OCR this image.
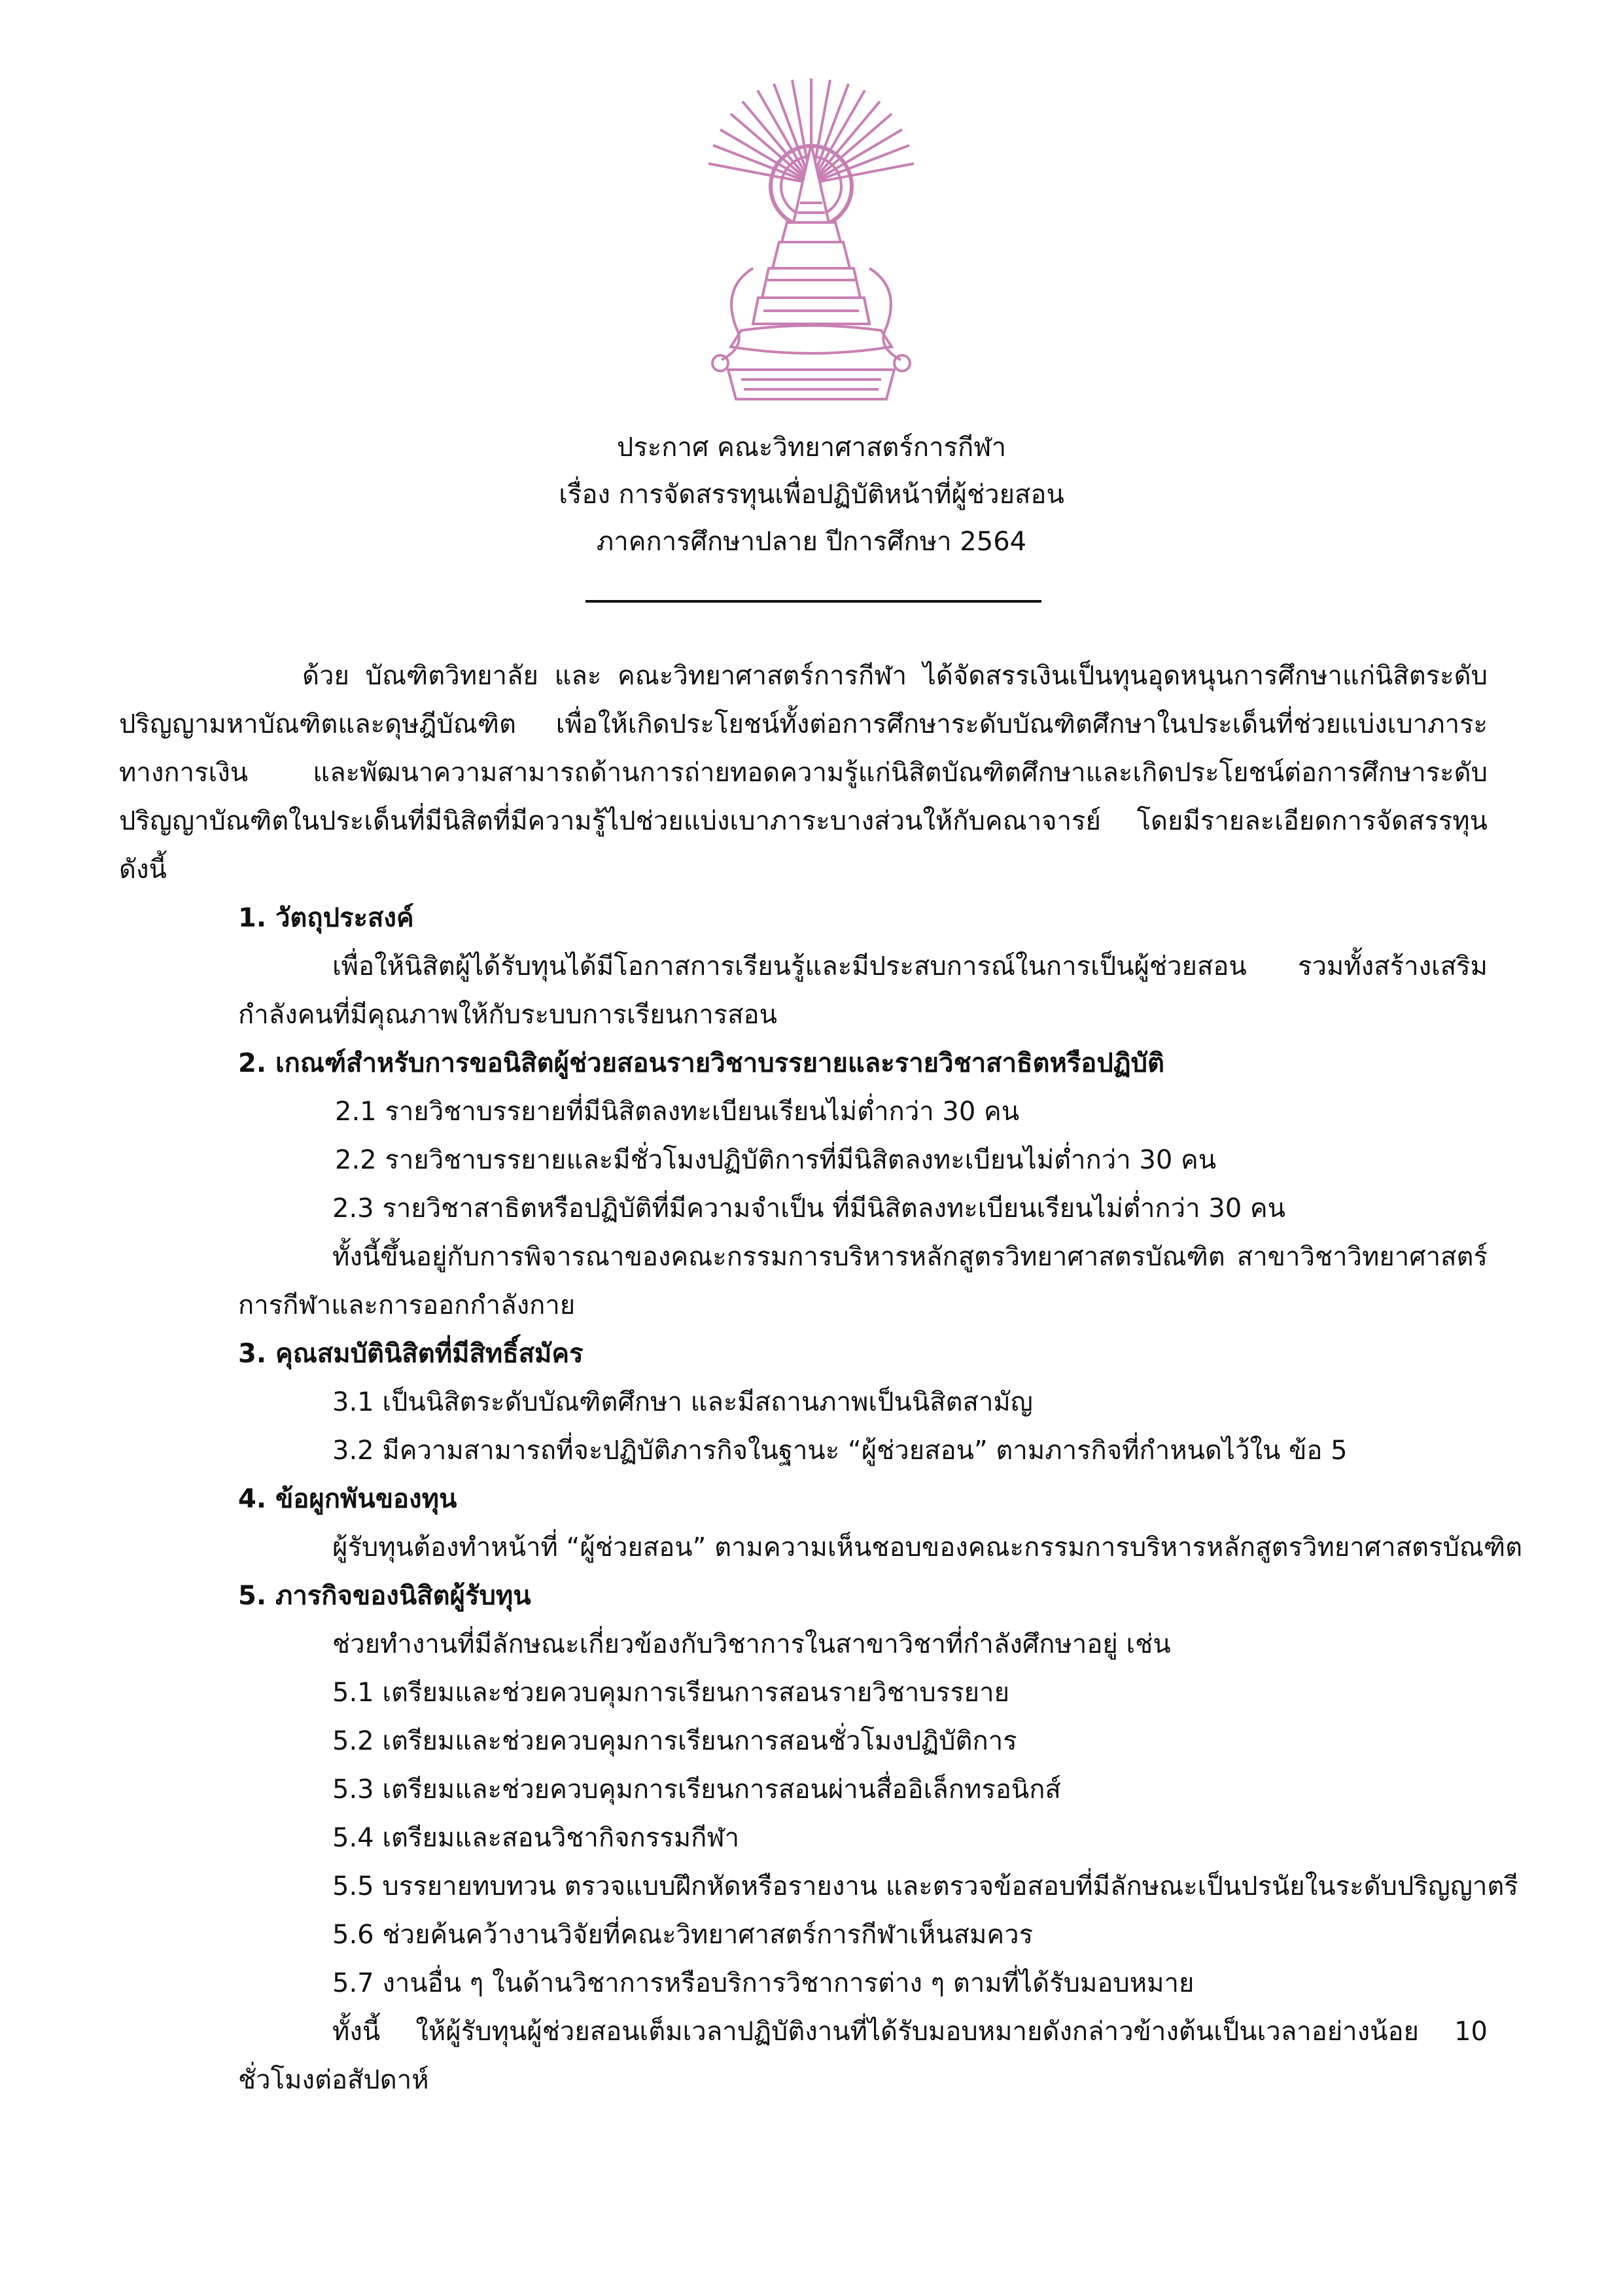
ประกาศ คณะวิทยาศาสตร์การกีฬา
เรื่อง การจัดสรรทุนเพื่อปฏิบัติหน้าที่ผู้ช่วยสอน
ภาคการศึกษาปลาย ปีการศึกษา 2564
ด้วย บัณฑิตวิทยาลัย และ คณะวิทยาศาสตร์การกีฬา ได้จัดสรรเงินเป็นทุนอุดหนุนการศึกษาแก่นิสิตระดับ
ปริญญามหาบัณฑิตและดุษฎีบัณฑิต เพื่อให้เกิดประโยชน์ทั้งต่อการศึกษาระดับบัณฑิตศึกษาในประเด็นที่ช่วยแบ่งเบาภาระ
ทางการเงิน และพัฒนาความสามารถด้านการถ่ายทอดความรู้แก่นิสิตบัณฑิตศึกษาและเกิดประโยชน์ต่อการศึกษาระดับ
ปริญญาบัณฑิตในประเด็นที่มีนิสิตที่มีความรู้ไปช่วยแบ่งเบาภาระบางส่วนให้กับคณาจารย์ โดยมีรายละเอียดการจัดสรรทุน
ดังนี้
1. วัตถุประสงค์
เพื่อให้นิสิตผู้ได้รับทุนได้มีโอกาสการเรียนรู้และมีประสบการณ์ในการเป็นผู้ช่วยสอน รวมทั้งสร้างเสริม
กำลังคนที่มีคุณภาพให้กับระบบการเรียนการสอน
2. เกณฑ์สำหรับการขอนิสิตผู้ช่วยสอนรายวิชาบรรยายและรายวิชาสาธิตหรือปฏิบัติ
2.1 รายวิชาบรรยายที่มีนิสิตลงทะเบียนเรียนไม่ต่ำกว่า 30 คน
2.2 รายวิชาบรรยายและมีชั่วโมงปฏิบัติการที่มีนิสิตลงทะเบียนไม่ต่ำกว่า 30 คน
2.3 รายวิชาสาธิตหรือปฏิบัติที่มีความจำเป็น ที่มีนิสิตลงทะเบียนเรียนไม่ต่ำกว่า 30 คน
ทั้งนี้ขึ้นอยู่กับการพิจารณาของคณะกรรมการบริหารหลักสูตรวิทยาศาสตรบัณฑิต สาขาวิชาวิทยาศาสตร์
การกีฬาและการออกกำลังกาย
3. คุณสมบัตินิสิตที่มีสิทธิ์สมัคร
3.1 เป็นนิสิตระดับบัณฑิตศึกษา และมีสถานภาพเป็นนิสิตสามัญ
3.2 มีความสามารถที่จะปฏิบัติภารกิจในฐานะ “ผู้ช่วยสอน” ตามภารกิจที่กำหนดไว้ใน ข้อ 5
4. ข้อผูกพันของทุน
ผู้รับทุนต้องทำหน้าที่ “ผู้ช่วยสอน” ตามความเห็นชอบของคณะกรรมการบริหารหลักสูตรวิทยาศาสตรบัณฑิต
5. ภารกิจของนิสิตผู้รับทุน
ช่วยทำงานที่มีลักษณะเกี่ยวข้องกับวิชาการในสาขาวิชาที่กำลังศึกษาอยู่ เช่น
5.1 เตรียมและช่วยควบคุมการเรียนการสอนรายวิชาบรรยาย
5.2 เตรียมและช่วยควบคุมการเรียนการสอนชั่วโมงปฏิบัติการ
5.3 เตรียมและช่วยควบคุมการเรียนการสอนผ่านสื่ออิเล็กทรอนิกส์
5.4 เตรียมและสอนวิชากิจกรรมกีฬา
5.5 บรรยายทบทวน ตรวจแบบฝึกหัดหรือรายงาน และตรวจข้อสอบที่มีลักษณะเป็นปรนัยในระดับปริญญาตรี
5.6 ช่วยค้นคว้างานวิจัยที่คณะวิทยาศาสตร์การกีฬาเห็นสมควร
5.7 งานอื่น ๆ ในด้านวิชาการหรือบริการวิชาการต่าง ๆ ตามที่ได้รับมอบหมาย
ทั้งนี้ ให้ผู้รับทุนผู้ช่วยสอนเต็มเวลาปฏิบัติงานที่ได้รับมอบหมายดังกล่าวข้างต้นเป็นเวลาอย่างน้อย 10
ชั่วโมงต่อสัปดาห์
